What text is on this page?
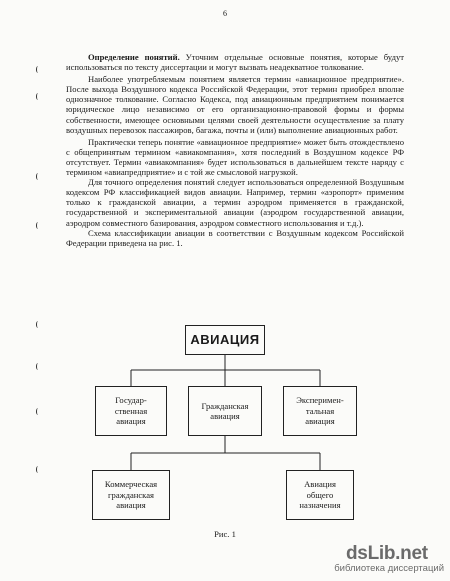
6

Определение понятий. Уточним отдельные основные понятия, которые будут использоваться по тексту диссертации и могут вызвать неадекватное толкование.

Наиболее употребляемым понятием является термин «авиационное предприятие». После выхода Воздушного кодекса Российской Федерации, этот термин приобрел вполне однозначное толкование. Согласно Кодекса, под авиационным предприятием понимается юридическое лицо независимо от его организационно-правовой формы и формы собственности, имеющее основными целями своей деятельности осуществление за плату воздушных перевозок пассажиров, багажа, почты и (или) выполнение авиационных работ.

Практически теперь понятие «авиационное предприятие» может быть отождествлено с общепринятым термином «авиакомпания», хотя последний в Воздушном кодексе РФ отсутствует. Термин «авиакомпания» будет использоваться в дальнейшем тексте наряду с термином «авиапредприятие» и с той же смысловой нагрузкой.

Для точного определения понятий следует использоваться определенной Воздушным кодексом РФ классификацией видов авиации. Например, термин «аэропорт» применим только к гражданской авиации, а термин аэродром применяется в гражданской, государственной и экспериментальной авиации (аэродром государственной авиации, аэродром совместного базирования, аэродром совместного использования и т.д.).

Схема классификации авиации в соответствии с Воздушным кодексом Российской Федерации приведена на рис. 1.

АВИАЦИЯ
Государ-
ственная
авиация
Гражданская
авиация
Эксперимен-
тальная
авиация
Коммерческая
гражданская
авиация
Авиация
общего
назначения
Рис. 1
dsLib.net
библиотека диссертаций
